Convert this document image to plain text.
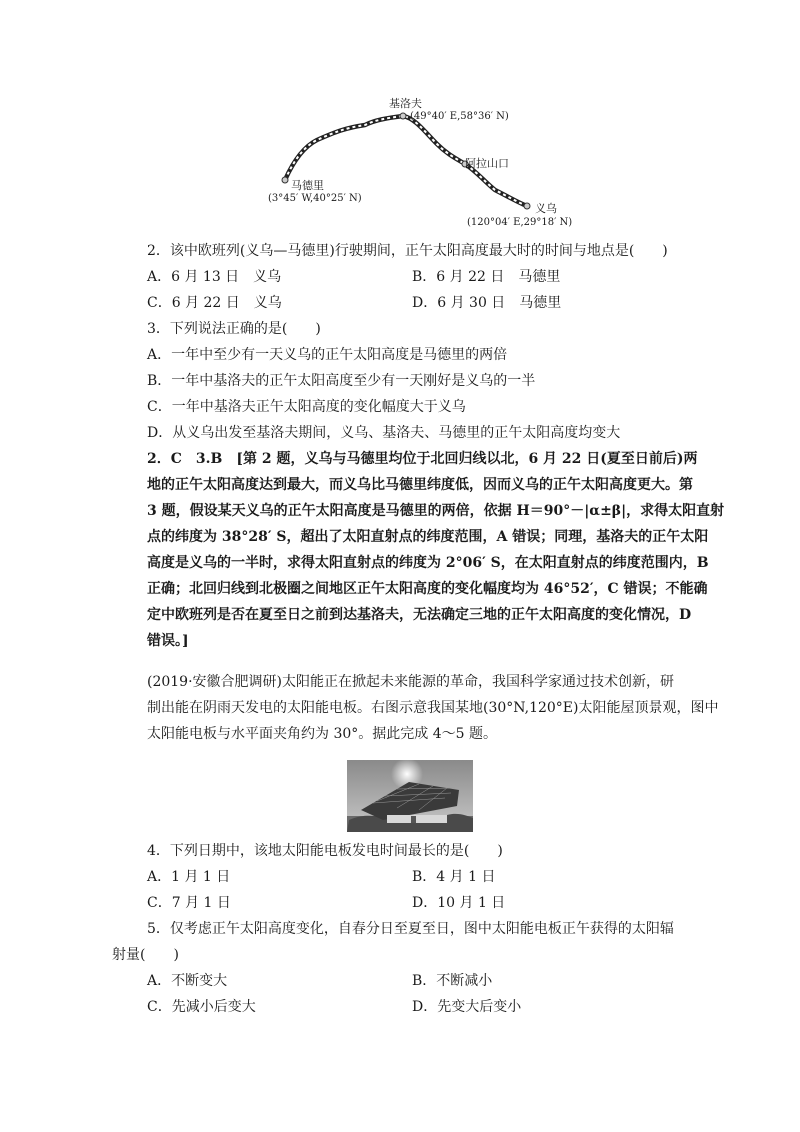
基洛夫
(49°40′ E,58°36′ N)
阿拉山口
马德里
(3°45′ W,40°25′ N)
义乌
(120°04′ E,29°18′ N)
2．该中欧班列(义乌—马德里)行驶期间，正午太阳高度最大时的时间与地点是(　　)
A．6 月 13 日　义乌	B．6 月 22 日　马德里
C．6 月 22 日　义乌	D．6 月 30 日　马德里
3．下列说法正确的是(　　)
A．一年中至少有一天义乌的正午太阳高度是马德里的两倍
B．一年中基洛夫的正午太阳高度至少有一天刚好是义乌的一半
C．一年中基洛夫正午太阳高度的变化幅度大于义乌
D．从义乌出发至基洛夫期间，义乌、基洛夫、马德里的正午太阳高度均变大

2．C　3.B　[第 2 题，义乌与马德里均位于北回归线以北，6 月 22 日(夏至日前后)两

地的正午太阳高度达到最大，而义乌比马德里纬度低，因而义乌的正午太阳高度更大。第

3 题，假设某天义乌的正午太阳高度是马德里的两倍，依据 H＝90°－|α±β|，求得太阳直射

点的纬度为 38°28′ S，超出了太阳直射点的纬度范围，A 错误；同理，基洛夫的正午太阳

高度是义乌的一半时，求得太阳直射点的纬度为 2°06′ S，在太阳直射点的纬度范围内，B

正确；北回归线到北极圈之间地区正午太阳高度的变化幅度均为 46°52′，C 错误；不能确

定中欧班列是否在夏至日之前到达基洛夫，无法确定三地的正午太阳高度的变化情况，D

错误。]

(2019·安徽合肥调研)太阳能正在掀起未来能源的革命，我国科学家通过技术创新，研

制出能在阴雨天发电的太阳能电板。右图示意我国某地(30°N,120°E)太阳能屋顶景观，图中

太阳能电板与水平面夹角约为 30°。据此完成 4～5 题。

4．下列日期中，该地太阳能电板发电时间最长的是(　　)
A．1 月 1 日	B．4 月 1 日
C．7 月 1 日	D．10 月 1 日
5．仅考虑正午太阳高度变化，自春分日至夏至日，图中太阳能电板正午获得的太阳辐
射量(　　)
A．不断变大	B．不断减小
C．先减小后变大	D．先变大后变小
